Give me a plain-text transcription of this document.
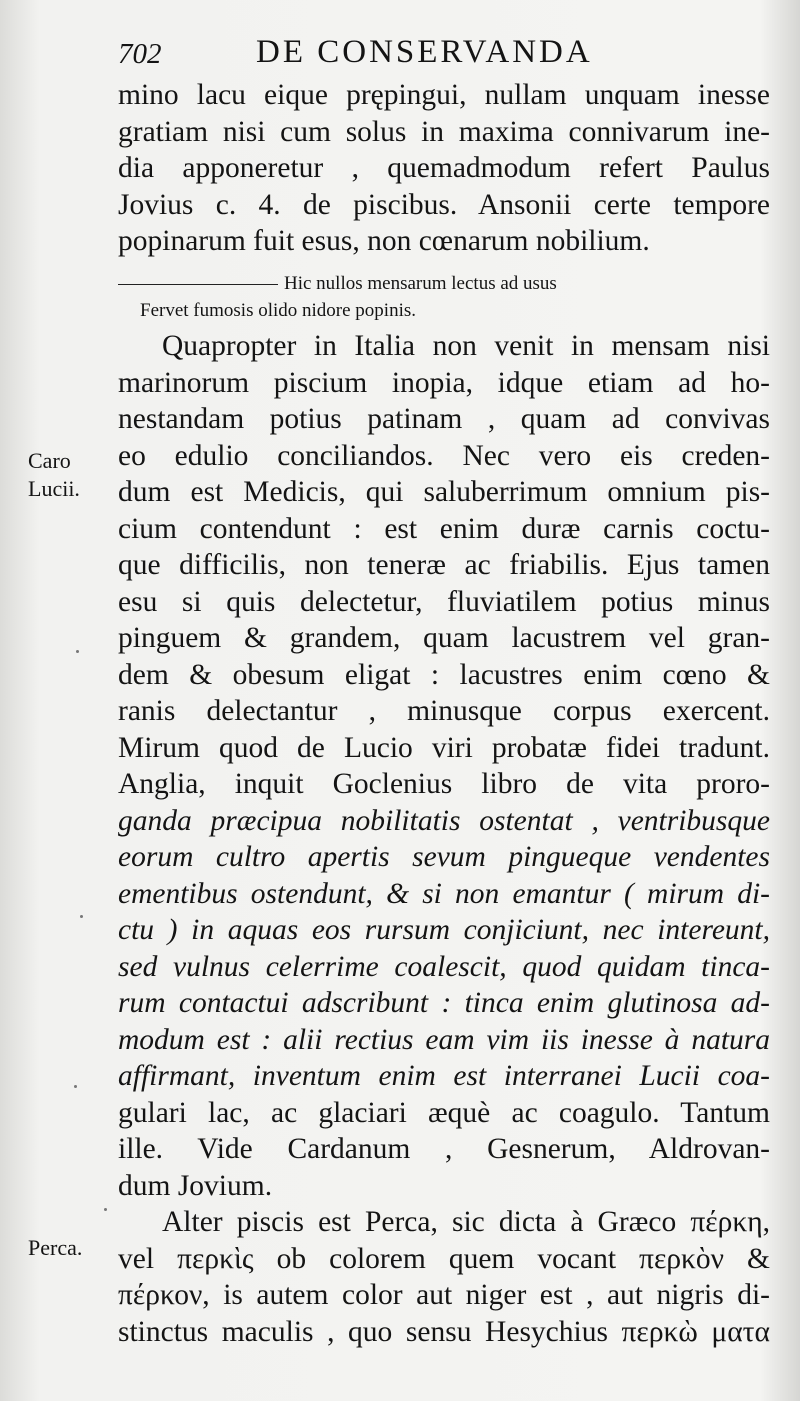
702	DE CONSERVANDA

mino lacu eique prępingui, nullam unquam inesse

gratiam nisi cum solus in maxima connivarum ine-

dia apponeretur , quemadmodum refert Paulus

Jovius c. 4. de piscibus. Ansonii certe tempore

popinarum fuit esus, non cœnarum nobilium.

Hic nullos mensarum lectus ad usus
Fervet fumosis olido nidore popinis.

Quapropter in Italia non venit in mensam nisi

marinorum piscium inopia, idque etiam ad ho-

nestandam potius patinam , quam ad convivas

eo edulio conciliandos. Nec vero eis creden-

dum est Medicis, qui saluberrimum omnium pis-

cium contendunt : est enim duræ carnis coctu-

que difficilis, non teneræ ac friabilis. Ejus tamen

esu si quis delectetur, fluviatilem potius minus

pinguem & grandem, quam lacustrem vel gran-

dem & obesum eligat : lacustres enim cœno &

ranis delectantur , minusque corpus exercent.

Mirum quod de Lucio viri probatæ fidei tradunt.

Anglia, inquit Goclenius libro de vita proro-

ganda præcipua nobilitatis ostentat , ventribusque

eorum cultro apertis sevum pingueque vendentes

ementibus ostendunt, & si non emantur ( mirum di-

ctu ) in aquas eos rursum conjiciunt, nec intereunt,

sed vulnus celerrime coalescit, quod quidam tinca-

rum contactui adscribunt : tinca enim glutinosa ad-

modum est : alii rectius eam vim iis inesse à natura

affirmant, inventum enim est interranei Lucii coa-

gulari lac, ac glaciari æquè ac coagulo. Tantum

ille. Vide Cardanum , Gesnerum, Aldrovan-

dum Jovium.

Alter piscis est Perca, sic dicta à Græco πέρκη,

vel περκὶς ob colorem quem vocant περκὸν &

πέρκον, is autem color aut niger est , aut nigris di-

stinctus maculis , quo sensu Hesychius περκὼ ματα

Caro
Lucii.
Perca.
